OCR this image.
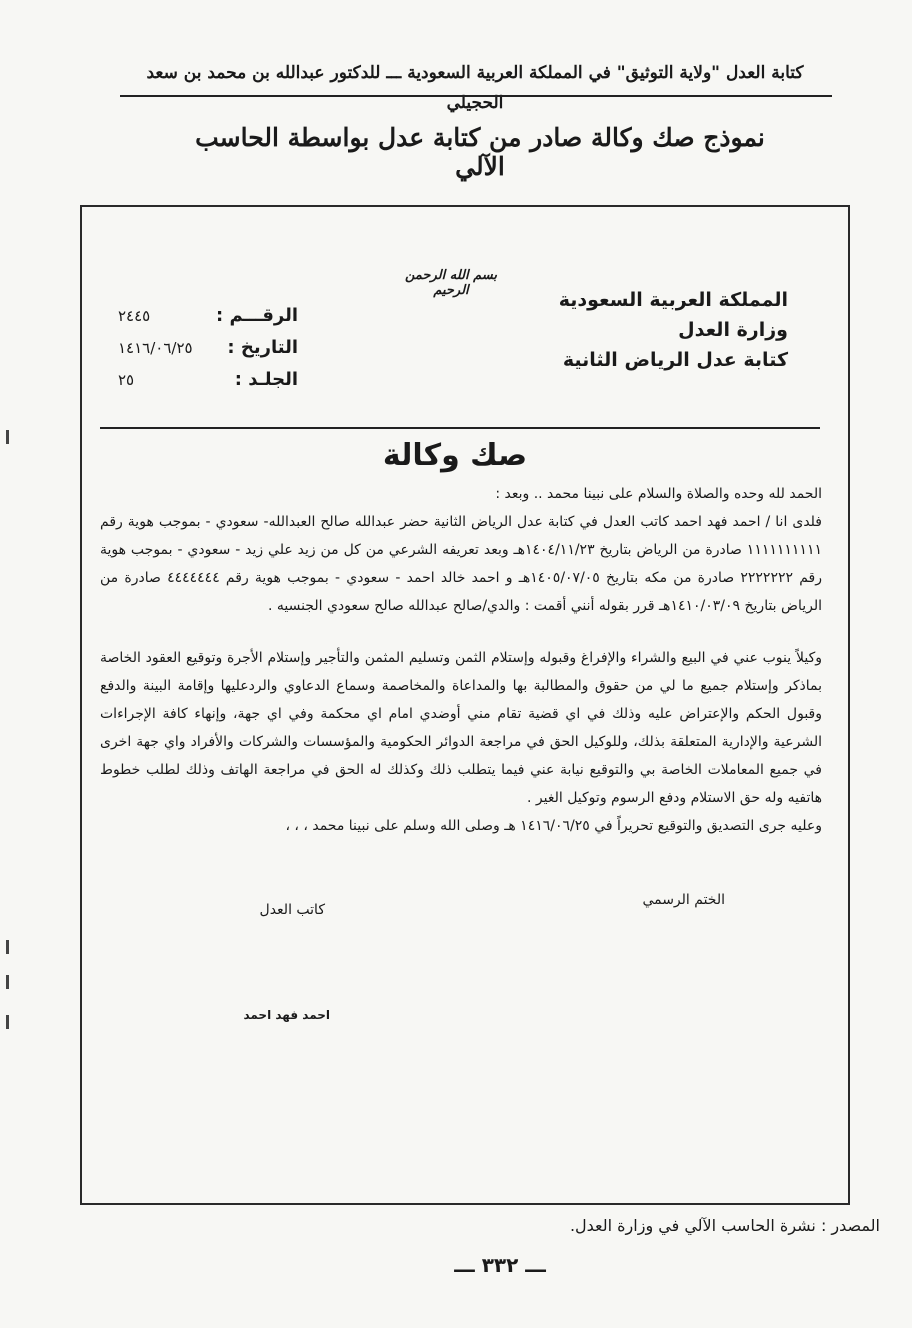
كتابة العدل "ولاية التوثيق" في المملكة العربية السعودية ـــ للدكتور عبدالله بن محمد بن سعد الحجيلي
نموذج صك وكالة صادر من كتابة عدل بواسطة الحاسب الآلي
بسم الله الرحمن الرحيم	المملكة العربية السعودية
وزارة العدل
كتابة عدل الرياض الثانية
الرقـــم :
٢٤٤٥
التاريخ :
١٤١٦/٠٦/٢٥
الجلـد :
٢٥
صك وكالة

الحمد لله وحده والصلاة والسلام على نبينا محمد .. وبعد :

فلدى انا / احمد فهد احمد كاتب العدل في كتابة عدل الرياض الثانية حضر عبدالله صالح العبدالله- سعودي - بموجب هوية رقم ١١١١١١١١١١ صادرة من الرياض بتاريخ ١٤٠٤/١١/٢٣هـ وبعد تعريفه الشرعي من كل من زيد علي زيد - سعودي - بموجب هوية رقم ٢٢٢٢٢٢٢ صادرة من مكه بتاريخ ١٤٠٥/٠٧/٠٥هـ و احمد خالد احمد - سعودي - بموجب هوية رقم ٤٤٤٤٤٤٤ صادرة من الرياض بتاريخ ١٤١٠/٠٣/٠٩هـ قرر بقوله أنني أقمت : والدي/صالح عبدالله صالح سعودي الجنسيه .

وكيلاً ينوب عني في البيع والشراء والإفراغ وقبوله وإستلام الثمن وتسليم المثمن والتأجير وإستلام الأجرة وتوقيع العقود الخاصة بماذكر وإستلام جميع ما لي من حقوق والمطالبة بها والمداعاة والمخاصمة وسماع الدعاوي والردعليها وإقامة البينة والدفع وقبول الحكم والإعتراض عليه وذلك في اي قضية تقام مني أوضدي امام اي محكمة وفي اي جهة، وإنهاء كافة الإجراءات الشرعية والإدارية المتعلقة بذلك، وللوكيل الحق في مراجعة الدوائر الحكومية والمؤسسات والشركات والأفراد واي جهة اخرى في جميع المعاملات الخاصة بي والتوقيع نيابة عني فيما يتطلب ذلك وكذلك له الحق في مراجعة الهاتف وذلك لطلب خطوط هاتفيه وله حق الاستلام ودفع الرسوم وتوكيل الغير .

وعليه جرى التصديق والتوقيع تحريراً في ١٤١٦/٠٦/٢٥ هـ وصلى الله وسلم على نبينا محمد ، ، ،

الختم الرسمي
كاتب العدل
احمد فهد احمد
المصدر : نشرة الحاسب الآلي في وزارة العدل.
ـــ ٣٣٢ ـــ
